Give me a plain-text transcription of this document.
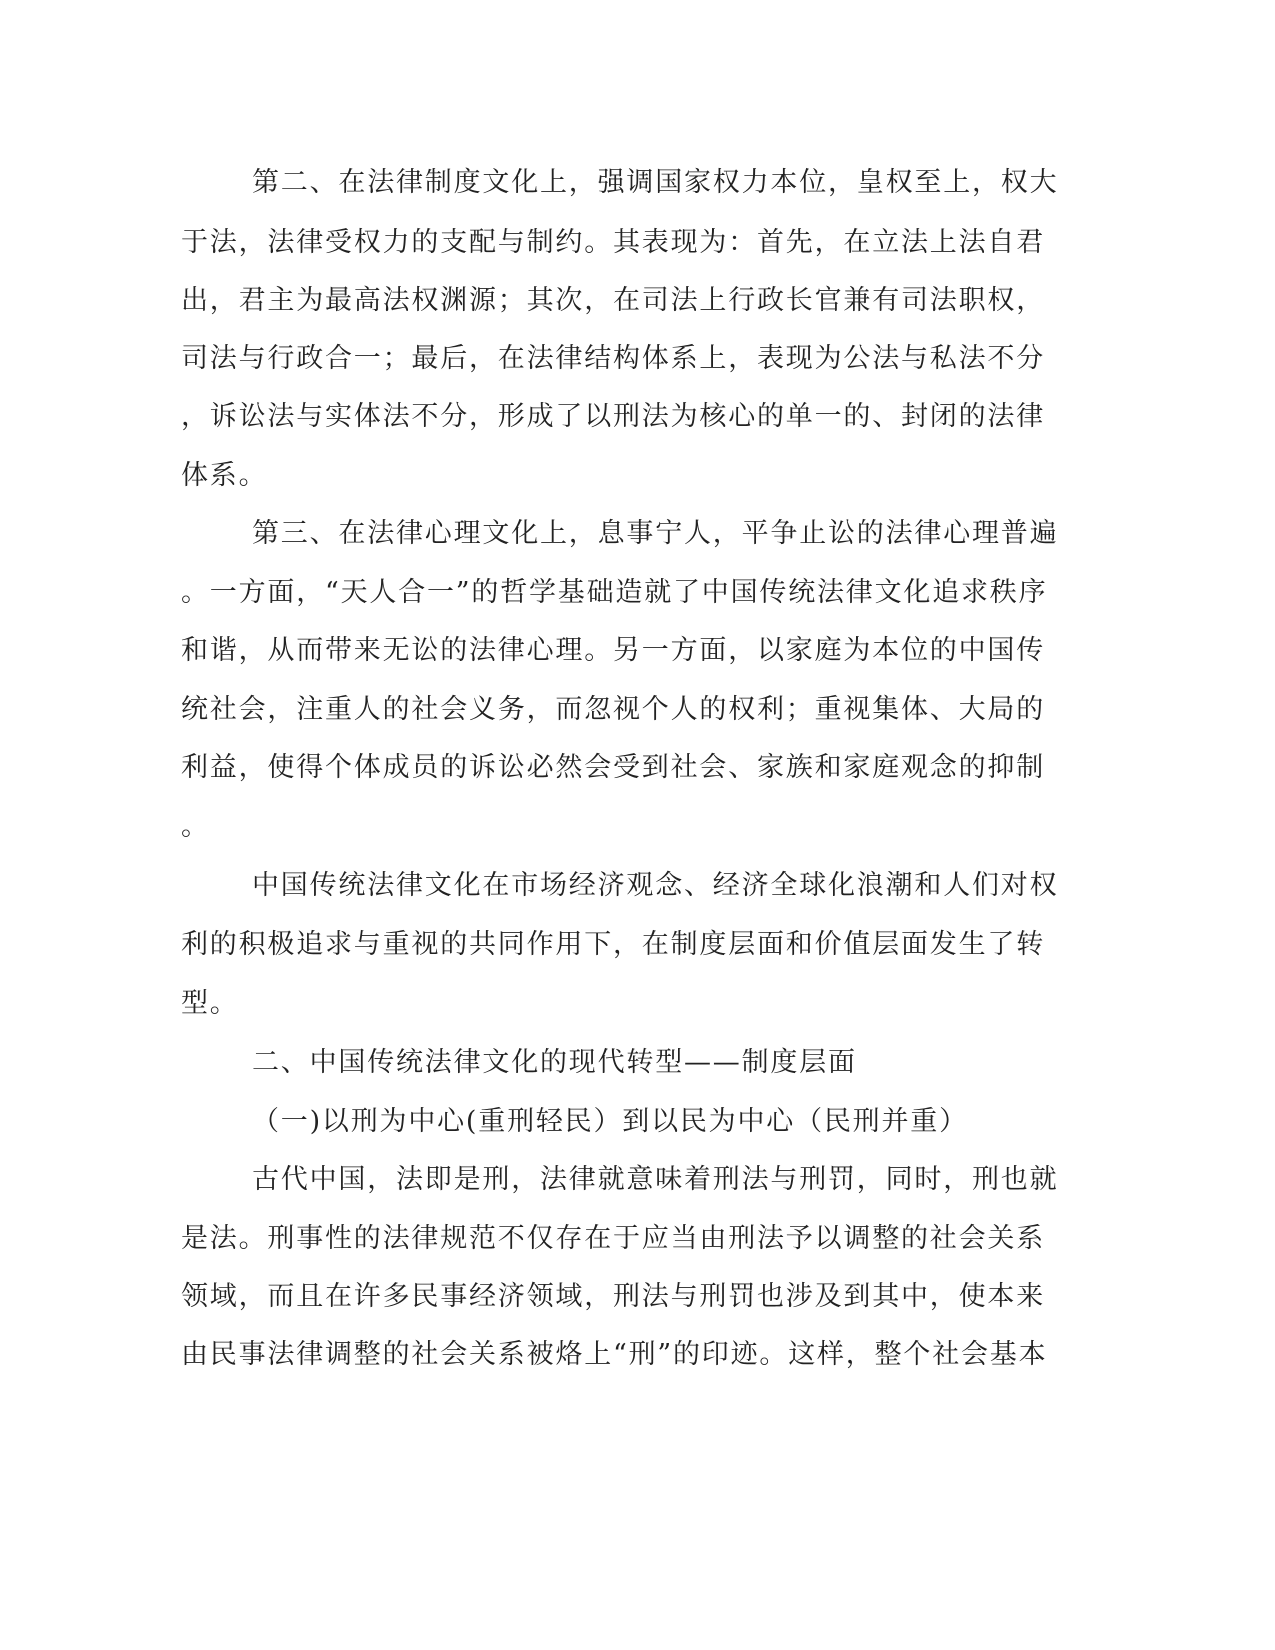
第二、在法律制度文化上，强调国家权力本位，皇权至上，权大
于法，法律受权力的支配与制约。其表现为：首先，在立法上法自君
出，君主为最高法权渊源；其次，在司法上行政长官兼有司法职权，
司法与行政合一；最后，在法律结构体系上，表现为公法与私法不分
，诉讼法与实体法不分，形成了以刑法为核心的单一的、封闭的法律
体系。
第三、在法律心理文化上，息事宁人，平争止讼的法律心理普遍
。一方面，“天人合一”的哲学基础造就了中国传统法律文化追求秩序
和谐，从而带来无讼的法律心理。另一方面，以家庭为本位的中国传
统社会，注重人的社会义务，而忽视个人的权利；重视集体、大局的
利益，使得个体成员的诉讼必然会受到社会、家族和家庭观念的抑制
。
中国传统法律文化在市场经济观念、经济全球化浪潮和人们对权
利的积极追求与重视的共同作用下，在制度层面和价值层面发生了转
型。
二、中国传统法律文化的现代转型——制度层面
（一)以刑为中心(重刑轻民）到以民为中心（民刑并重）
古代中国，法即是刑，法律就意味着刑法与刑罚，同时，刑也就
是法。刑事性的法律规范不仅存在于应当由刑法予以调整的社会关系
领域，而且在许多民事经济领域，刑法与刑罚也涉及到其中，使本来
由民事法律调整的社会关系被烙上“刑”的印迹。这样，整个社会基本
